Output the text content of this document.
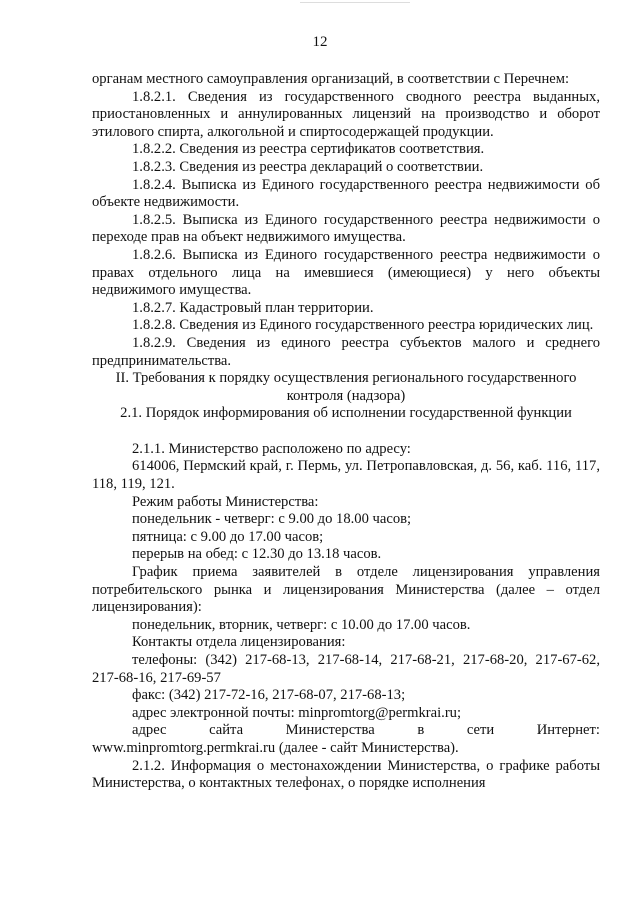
12

органам местного самоуправления организаций, в соответствии с Перечнем:

1.8.2.1. Сведения из государственного сводного реестра выданных, приостановленных и аннулированных лицензий на производство и оборот этилового спирта, алкогольной и спиртосодержащей продукции.

1.8.2.2. Сведения из реестра сертификатов соответствия.

1.8.2.3. Сведения из реестра деклараций о соответствии.

1.8.2.4. Выписка из Единого государственного реестра недвижимости об объекте недвижимости.

1.8.2.5. Выписка из Единого государственного реестра недвижимости о переходе прав на объект недвижимого имущества.

1.8.2.6. Выписка из Единого государственного реестра недвижимости о правах отдельного лица на имевшиеся (имеющиеся) у него объекты недвижимого имущества.

1.8.2.7. Кадастровый план территории.

1.8.2.8. Сведения из Единого государственного реестра юридических лиц.

1.8.2.9. Сведения из единого реестра субъектов малого и среднего предпринимательства.

II. Требования к порядку осуществления регионального государственного контроля (надзора)

2.1. Порядок информирования об исполнении государственной функции

2.1.1. Министерство расположено по адресу:

614006, Пермский край, г. Пермь, ул. Петропавловская, д. 56, каб. 116, 117, 118, 119, 121.

Режим работы Министерства:

понедельник - четверг: с 9.00 до 18.00 часов;

пятница: с 9.00 до 17.00 часов;

перерыв на обед: с 12.30 до 13.18 часов.

График приема заявителей в отделе лицензирования управления потребительского рынка и лицензирования Министерства (далее – отдел лицензирования):

понедельник, вторник, четверг: с 10.00 до 17.00 часов.

Контакты отдела лицензирования:

телефоны: (342) 217-68-13, 217-68-14, 217-68-21, 217-68-20, 217-67-62, 217-68-16, 217-69-57

факс: (342) 217-72-16, 217-68-07, 217-68-13;

адрес электронной почты: minpromtorg@permkrai.ru;

адрес	сайта	Министерства	в	сети	Интернет:

www.minpromtorg.permkrai.ru (далее - сайт Министерства).

2.1.2. Информация о местонахождении Министерства, о графике работы Министерства, о контактных телефонах, о порядке исполнения
